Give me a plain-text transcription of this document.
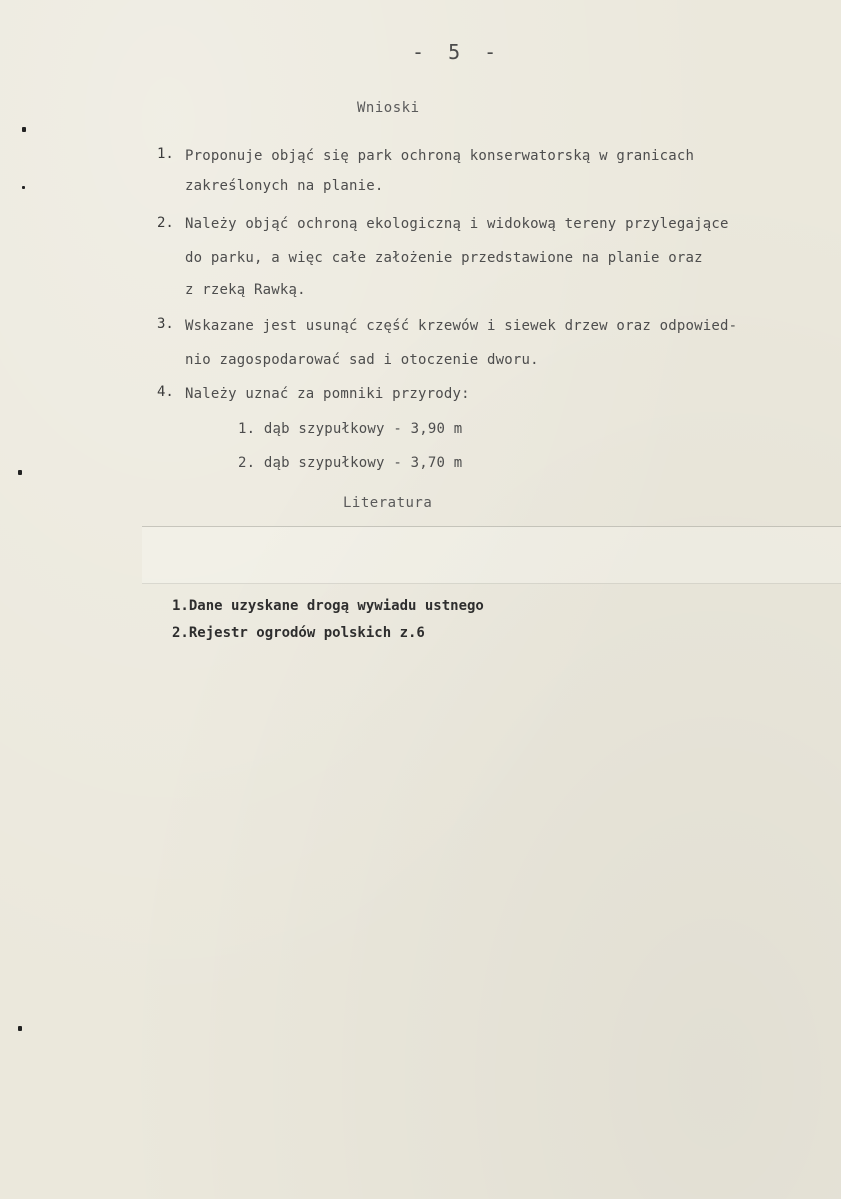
- 5 -
Wnioski
1. Proponuje objąć się park ochroną konserwatorską w granicach
zakreślonych na planie.
2. Należy objąć ochroną ekologiczną i widokową tereny przylegające
do parku, a więc całe założenie przedstawione na planie oraz
z rzeką Rawką.
3. Wskazane jest usunąć część krzewów i siewek drzew oraz odpowied-
nio zagospodarować sad i otoczenie dworu.
4. Należy uznać za pomniki przyrody:
1. dąb szypułkowy - 3,90 m
2. dąb szypułkowy - 3,70 m
Literatura
1.Dane uzyskane drogą wywiadu ustnego
2.Rejestr ogrodów polskich z.6
